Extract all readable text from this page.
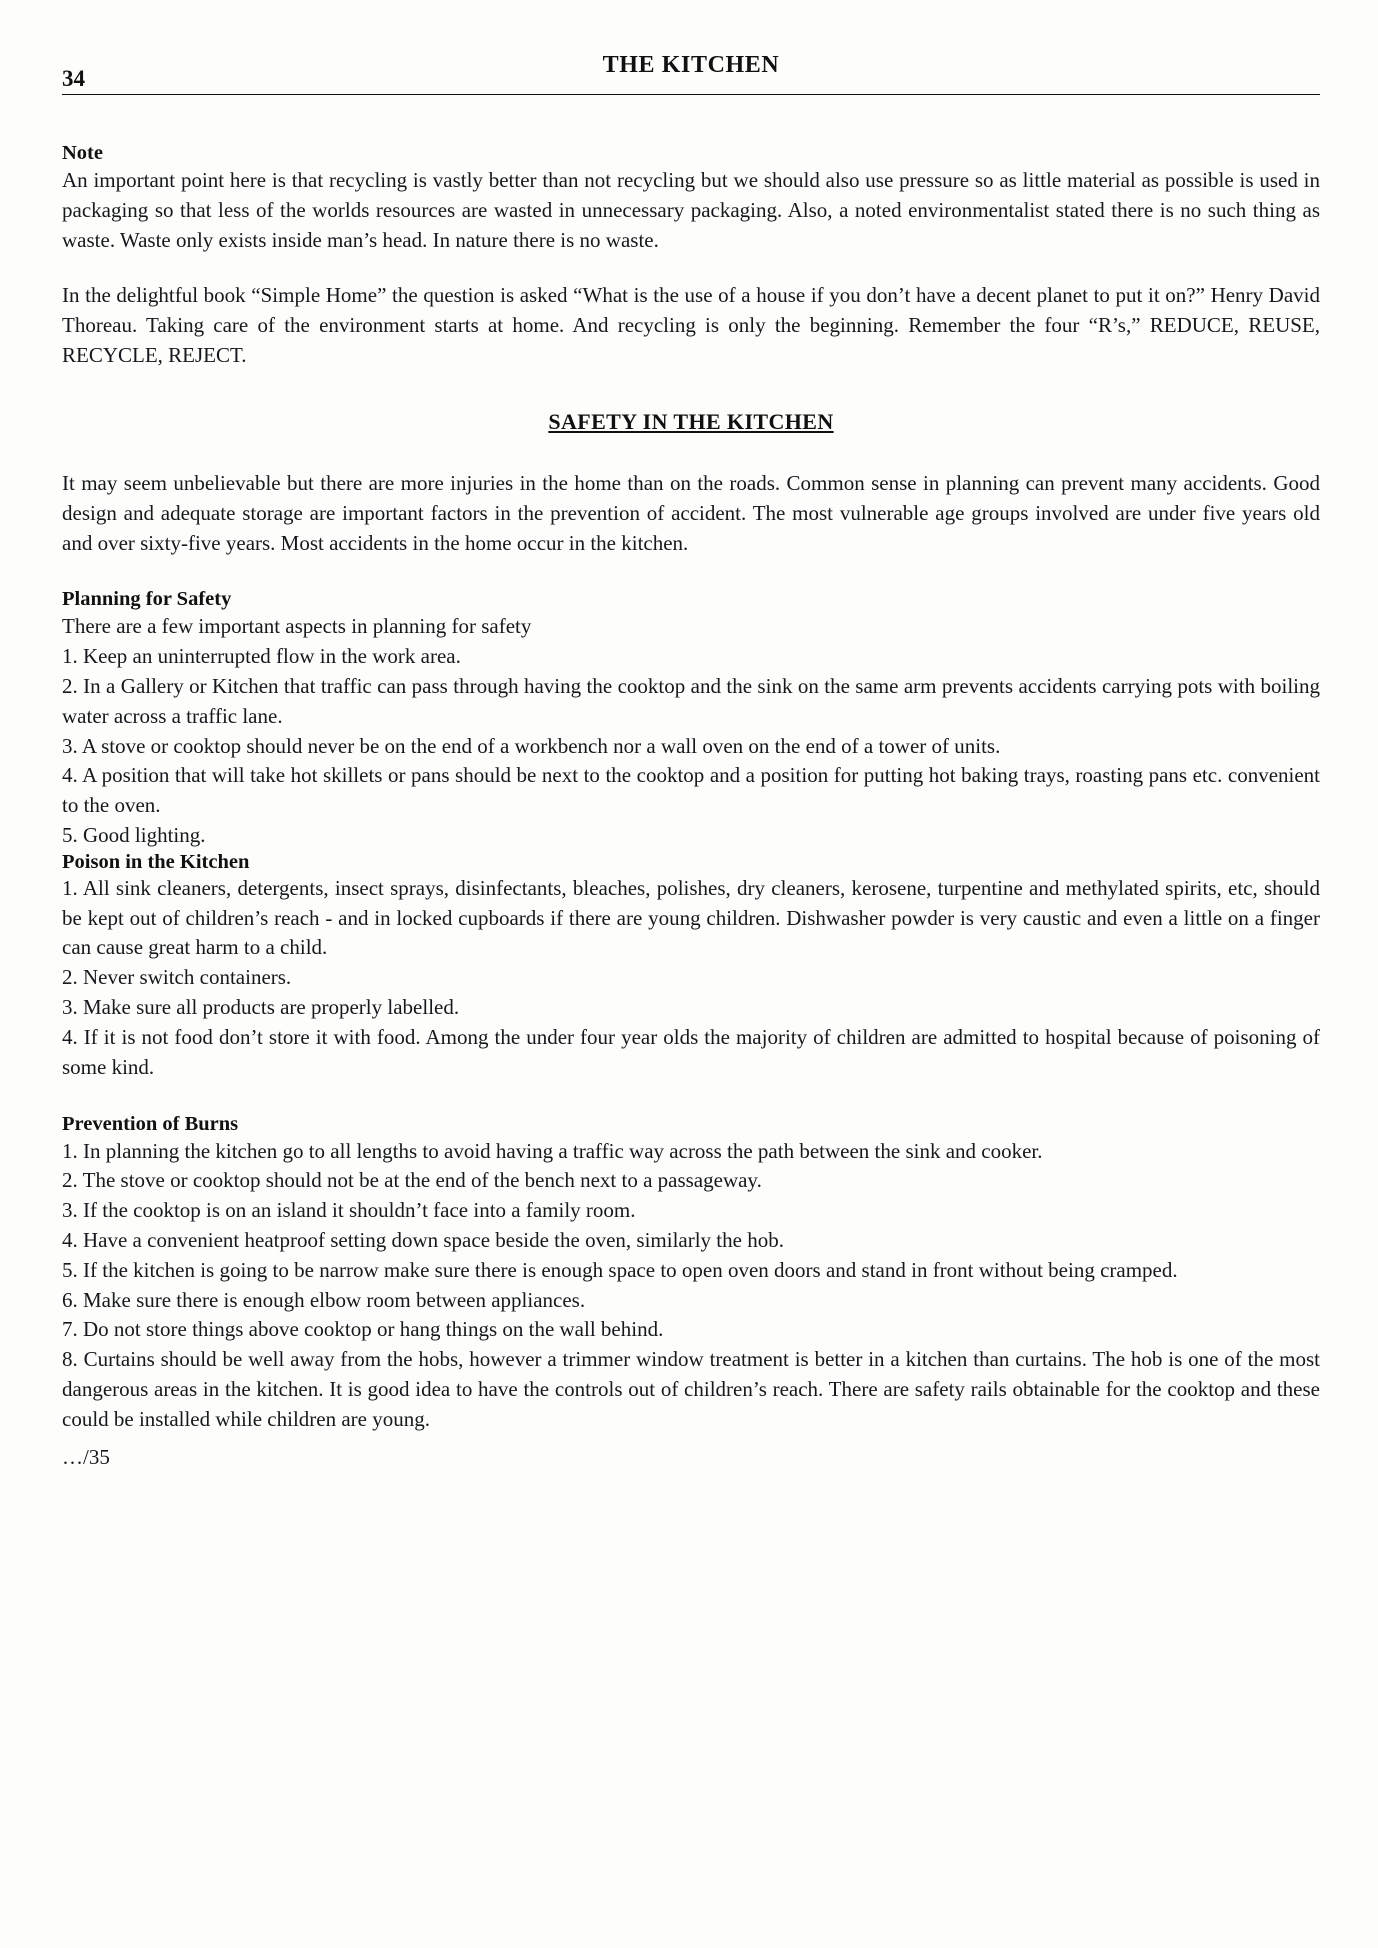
THE KITCHEN
34
Note

An important point here is that recycling is vastly better than not recycling but we should also use pressure so as little material as possible is used in packaging so that less of the worlds resources are wasted in unnecessary packaging. Also, a noted environmentalist stated there is no such thing as waste. Waste only exists inside man’s head. In nature there is no waste.

In the delightful book “Simple Home” the question is asked “What is the use of a house if you don’t have a decent planet to put it on?” Henry David Thoreau. Taking care of the environment starts at home. And recycling is only the beginning. Remember the four “R’s,” REDUCE, REUSE, RECYCLE, REJECT.

SAFETY IN THE KITCHEN

It may seem unbelievable but there are more injuries in the home than on the roads. Common sense in planning can prevent many accidents. Good design and adequate storage are important factors in the prevention of accident. The most vulnerable age groups involved are under five years old and over sixty-five years. Most accidents in the home occur in the kitchen.

Planning for Safety

There are a few important aspects in planning for safety

1. Keep an uninterrupted flow in the work area.
2. In a Gallery or Kitchen that traffic can pass through having the cooktop and the sink on the same arm prevents accidents carrying pots with boiling water across a traffic lane.
3. A stove or cooktop should never be on the end of a workbench nor a wall oven on the end of a tower of units.
4. A position that will take hot skillets or pans should be next to the cooktop and a position for putting hot baking trays, roasting pans etc. convenient to the oven.
5. Good lighting.
Poison in the Kitchen
1. All sink cleaners, detergents, insect sprays, disinfectants, bleaches, polishes, dry cleaners, kerosene, turpentine and methylated spirits, etc, should be kept out of children’s reach - and in locked cupboards if there are young children. Dishwasher powder is very caustic and even a little on a finger can cause great harm to a child.
2. Never switch containers.
3. Make sure all products are properly labelled.
4. If it is not food don’t store it with food. Among the under four year olds the majority of children are admitted to hospital because of poisoning of some kind.
Prevention of Burns
1. In planning the kitchen go to all lengths to avoid having a traffic way across the path between the sink and cooker.
2. The stove or cooktop should not be at the end of the bench next to a passageway.
3. If the cooktop is on an island it shouldn’t face into a family room.
4. Have a convenient heatproof setting down space beside the oven, similarly the hob.
5. If the kitchen is going to be narrow make sure there is enough space to open oven doors and stand in front without being cramped.
6. Make sure there is enough elbow room between appliances.
7. Do not store things above cooktop or hang things on the wall behind.
8. Curtains should be well away from the hobs, however a trimmer window treatment is better in a kitchen than curtains. The hob is one of the most dangerous areas in the kitchen. It is good idea to have the controls out of children’s reach. There are safety rails obtainable for the cooktop and these could be installed while children are young.
…/35
